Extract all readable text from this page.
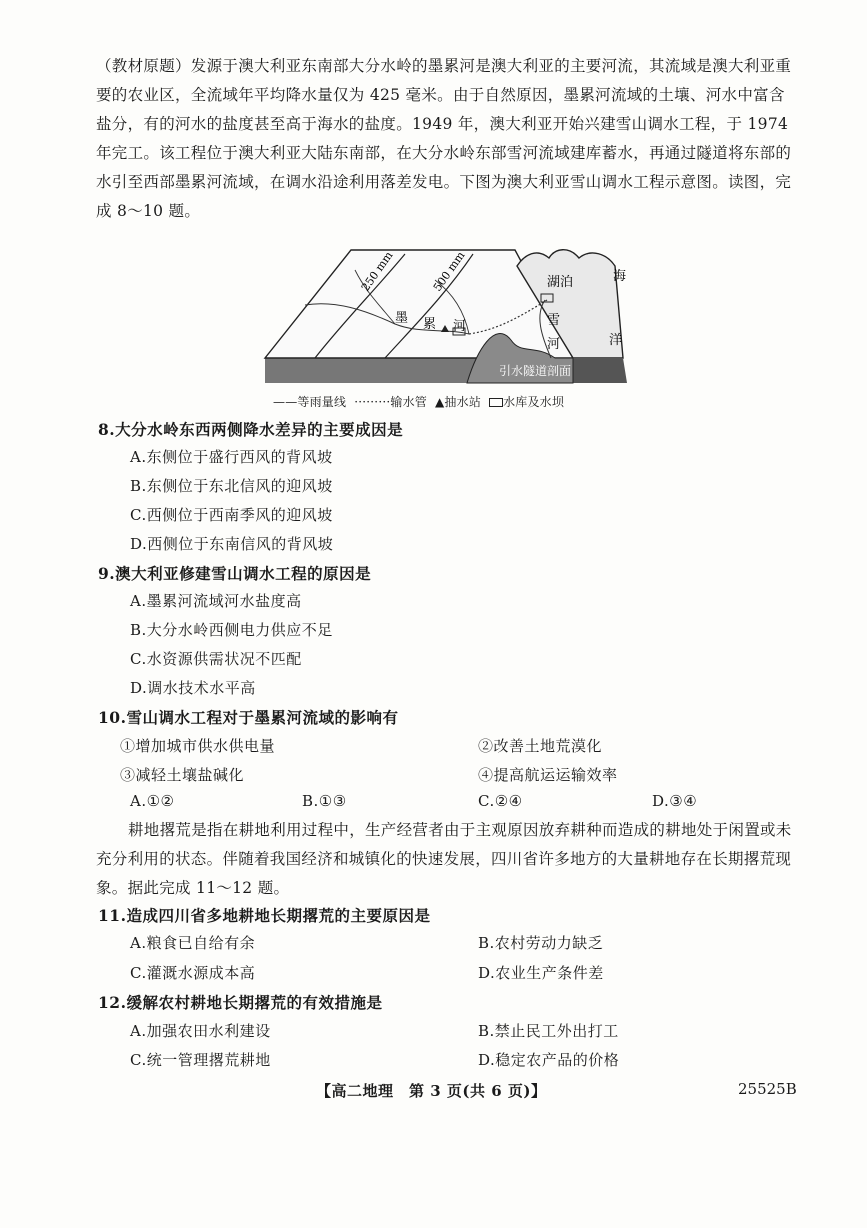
（教材原题）发源于澳大利亚东南部大分水岭的墨累河是澳大利亚的主要河流，其流域是澳大利亚重要的农业区，全流域年平均降水量仅为 425 毫米。由于自然原因，墨累河流域的土壤、河水中富含盐分，有的河水的盐度甚至高于海水的盐度。1949 年，澳大利亚开始兴建雪山调水工程，于 1974 年完工。该工程位于澳大利亚大陆东南部，在大分水岭东部雪河流域建库蓄水，再通过隧道将东部的水引至西部墨累河流域，在调水沿途利用落差发电。下图为澳大利亚雪山调水工程示意图。读图，完成 8～10 题。
250 mm	500 mm	湖泊
墨 累 河	雪
河
海
洋
引水隧道剖面
——等雨量线 ·········输水管 ▲抽水站 水库及水坝
8.大分水岭东西两侧降水差异的主要成因是
A.东侧位于盛行西风的背风坡
B.东侧位于东北信风的迎风坡
C.西侧位于西南季风的迎风坡
D.西侧位于东南信风的背风坡
9.澳大利亚修建雪山调水工程的原因是
A.墨累河流域河水盐度高
B.大分水岭西侧电力供应不足
C.水资源供需状况不匹配
D.调水技术水平高
10.雪山调水工程对于墨累河流域的影响有
①增加城市供水供电量	②改善土地荒漠化
③减轻土壤盐碱化	④提高航运运输效率
A.①②	B.①③	C.②④	D.③④
耕地撂荒是指在耕地利用过程中，生产经营者由于主观原因放弃耕种而造成的耕地处于闲置或未充分利用的状态。伴随着我国经济和城镇化的快速发展，四川省许多地方的大量耕地存在长期撂荒现象。据此完成 11～12 题。
11.造成四川省多地耕地长期撂荒的主要原因是
A.粮食已自给有余	B.农村劳动力缺乏
C.灌溉水源成本高	D.农业生产条件差
12.缓解农村耕地长期撂荒的有效措施是
A.加强农田水利建设	B.禁止民工外出打工
C.统一管理撂荒耕地	D.稳定农产品的价格
【高二地理　第 3 页(共 6 页)】	25525B
